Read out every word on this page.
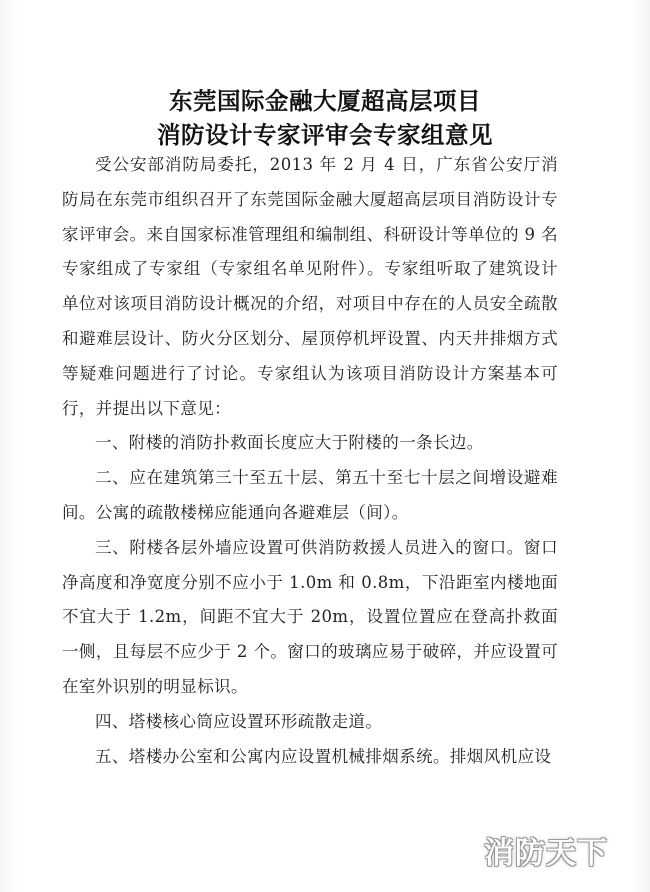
东莞国际金融大厦超高层项目
消防设计专家评审会专家组意见

受公安部消防局委托，2013 年 2 月 4 日，广东省公安厅消防局在东莞市组织召开了东莞国际金融大厦超高层项目消防设计专家评审会。来自国家标准管理组和编制组、科研设计等单位的 9 名专家组成了专家组（专家组名单见附件）。专家组听取了建筑设计单位对该项目消防设计概况的介绍，对项目中存在的人员安全疏散和避难层设计、防火分区划分、屋顶停机坪设置、内天井排烟方式等疑难问题进行了讨论。专家组认为该项目消防设计方案基本可行，并提出以下意见：

一、附楼的消防扑救面长度应大于附楼的一条长边。

二、应在建筑第三十至五十层、第五十至七十层之间增设避难间。公寓的疏散楼梯应能通向各避难层（间）。

三、附楼各层外墙应设置可供消防救援人员进入的窗口。窗口净高度和净宽度分别不应小于 1.0m 和 0.8m，下沿距室内楼地面不宜大于 1.2m，间距不宜大于 20m，设置位置应在登高扑救面一侧，且每层不应少于 2 个。窗口的玻璃应易于破碎，并应设置可在室外识别的明显标识。

四、塔楼核心筒应设置环形疏散走道。

五、塔楼办公室和公寓内应设置机械排烟系统。排烟风机应设

消防天下
